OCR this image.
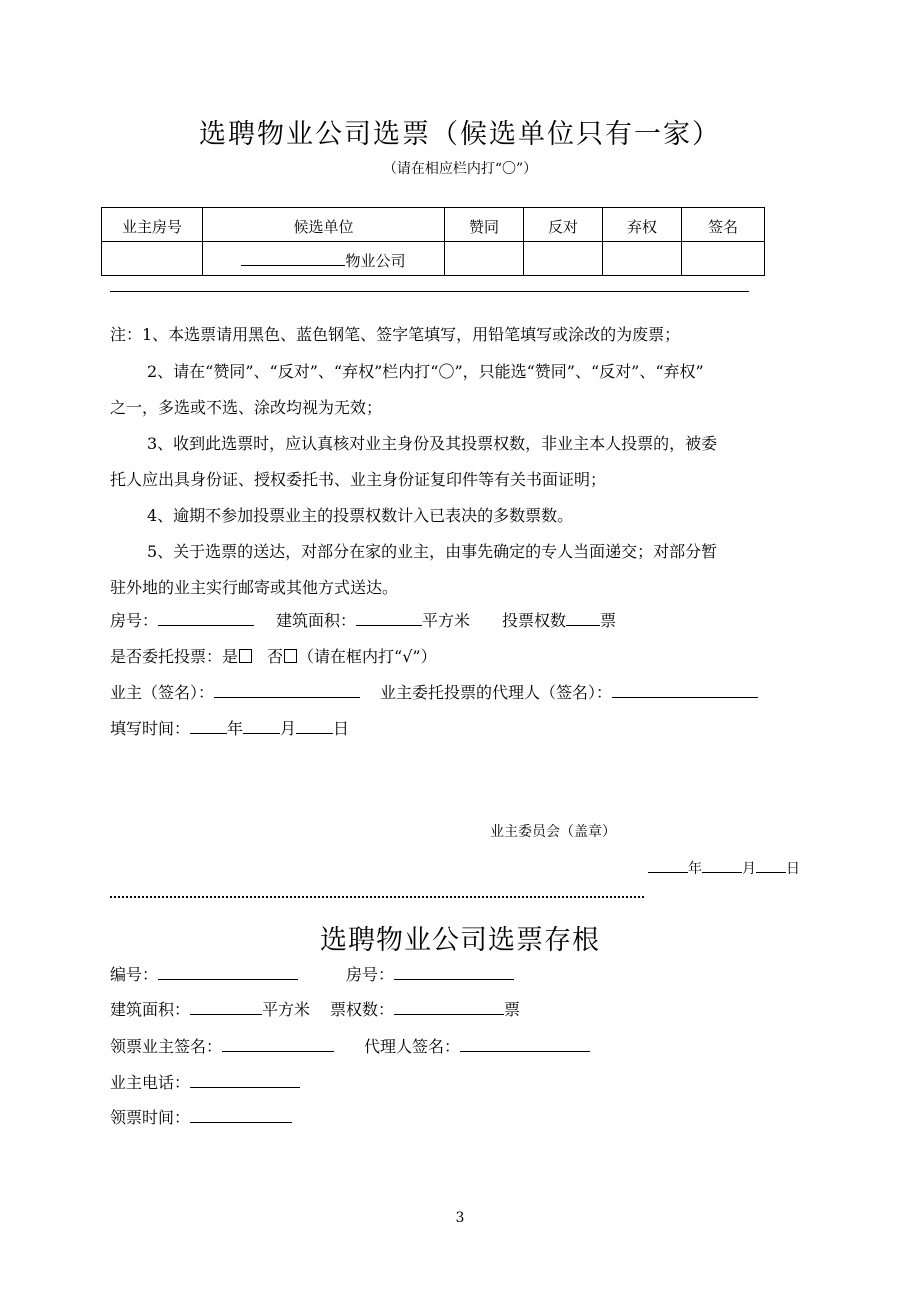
选聘物业公司选票（候选单位只有一家）
（请在相应栏内打“〇”）
业主房号	候选单位	赞同	反对	弃权	签名
	物业公司				
注：1、本选票请用黑色、蓝色钢笔、签字笔填写，用铅笔填写或涂改的为废票；
2、请在“赞同”、“反对”、“弃权”栏内打“〇”，只能选“赞同”、“反对”、“弃权”
之一，多选或不选、涂改均视为无效；
3、收到此选票时，应认真核对业主身份及其投票权数，非业主本人投票的，被委
托人应出具身份证、授权委托书、业主身份证复印件等有关书面证明；
4、逾期不参加投票业主的投票权数计入已表决的多数票数。
5、关于选票的送达，对部分在家的业主，由事先确定的专人当面递交；对部分暂
驻外地的业主实行邮寄或其他方式送达。
房号：	建筑面积：	平方米 投票权数 票
是否委托投票：是 否 （请在框内打“√”）
业主（签名）：	业主委托投票的代理人（签名）：
填写时间： 年 月 日
业主委员会（盖章）
年	月 日
选聘物业公司选票存根
编号：	房号：
建筑面积：	平方米 票权数：	票
领票业主签名：	代理人签名：
业主电话：
领票时间：
3
